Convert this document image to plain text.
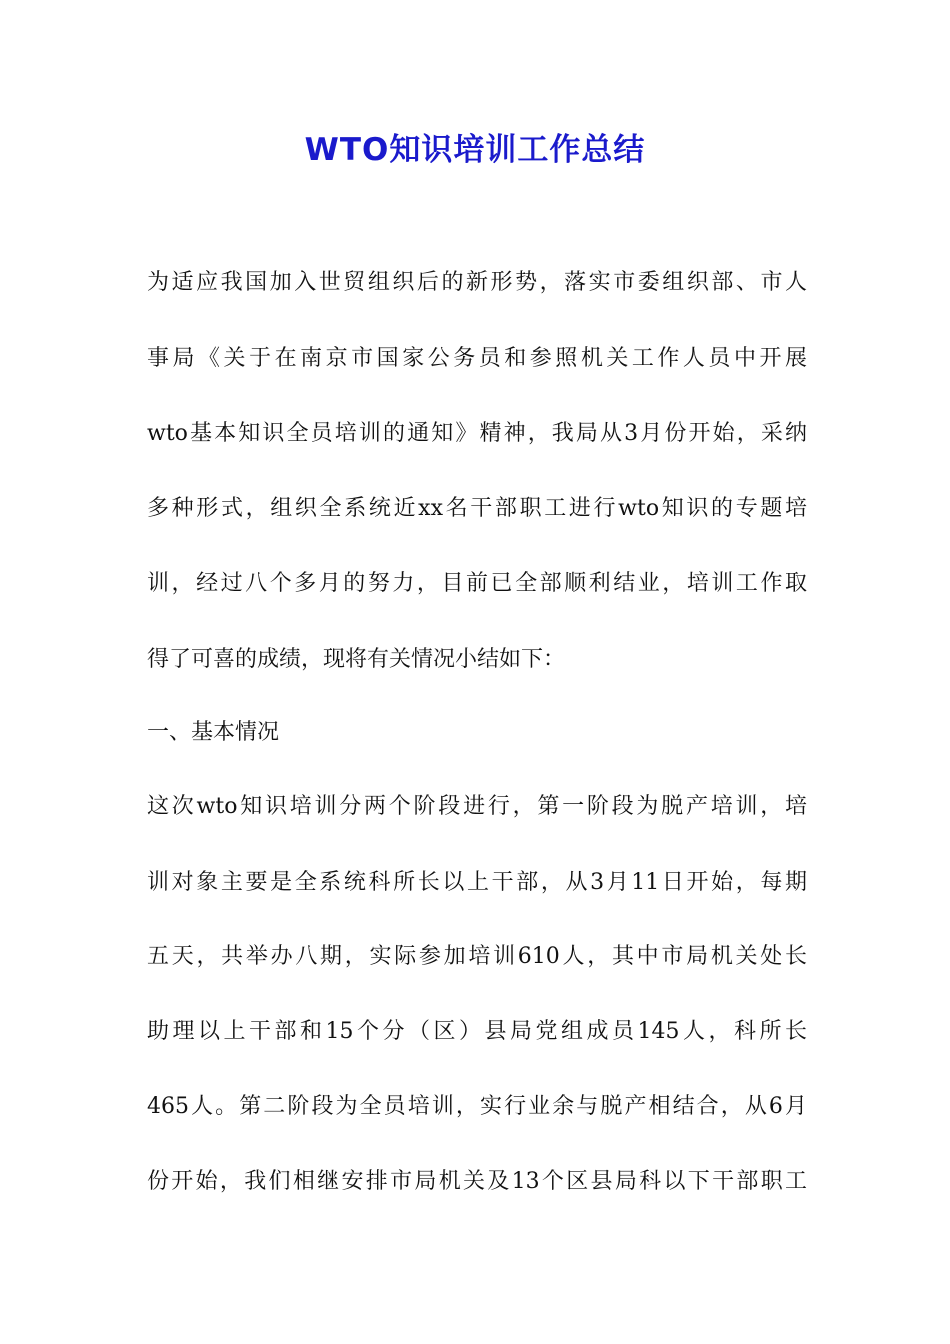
WTO知识培训工作总结
为适应我国加入世贸组织后的新形势，落实市委组织部、市人
事局《关于在南京市国家公务员和参照机关工作人员中开展
wto基本知识全员培训的通知》精神，我局从3月份开始，采纳
多种形式，组织全系统近xx名干部职工进行wto知识的专题培
训，经过八个多月的努力，目前已全部顺利结业，培训工作取
得了可喜的成绩，现将有关情况小结如下：
一、基本情况
这次wto知识培训分两个阶段进行，第一阶段为脱产培训，培
训对象主要是全系统科所长以上干部，从3月11日开始，每期
五天，共举办八期，实际参加培训610人，其中市局机关处长
助理以上干部和15个分（区）县局党组成员145人，科所长
465人。第二阶段为全员培训，实行业余与脱产相结合，从6月
份开始，我们相继安排市局机关及13个区县局科以下干部职工
